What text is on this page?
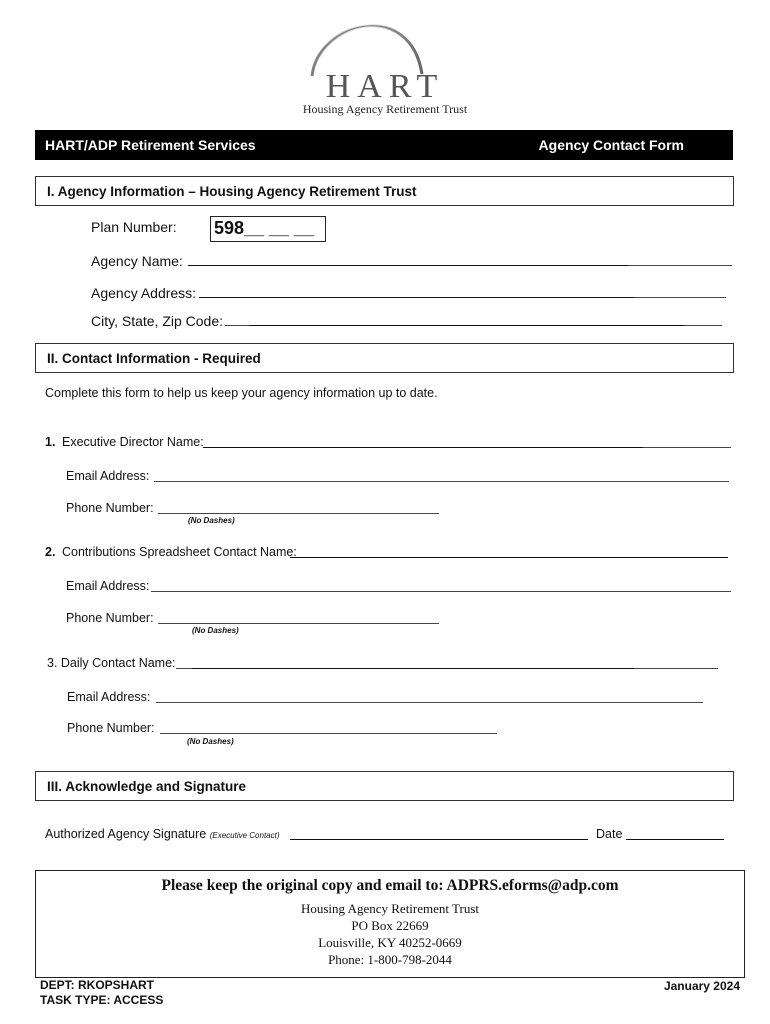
HART
Housing Agency Retirement Trust
HART/ADP Retirement Services	Agency Contact Form
I. Agency Information – Housing Agency Retirement Trust
Plan Number: 598__ __ __
Agency Name:
Agency Address:
City, State, Zip Code:
II. Contact Information - Required
Complete this form to help us keep your agency information up to date.
1. Executive Director Name:
Email Address:
Phone Number:
(No Dashes)
2. Contributions Spreadsheet Contact Name:
Email Address:
Phone Number:
(No Dashes)
3. Daily Contact Name:
Email Address:
Phone Number:
(No Dashes)
III. Acknowledge and Signature
Authorized Agency Signature (Executive Contact)	Date
Please keep the original copy and email to: ADPRS.eforms@adp.com
Housing Agency Retirement Trust
PO Box 22669
Louisville, KY 40252-0669
Phone: 1-800-798-2044
DEPT: RKOPSHART
TASK TYPE: ACCESS
January 2024
